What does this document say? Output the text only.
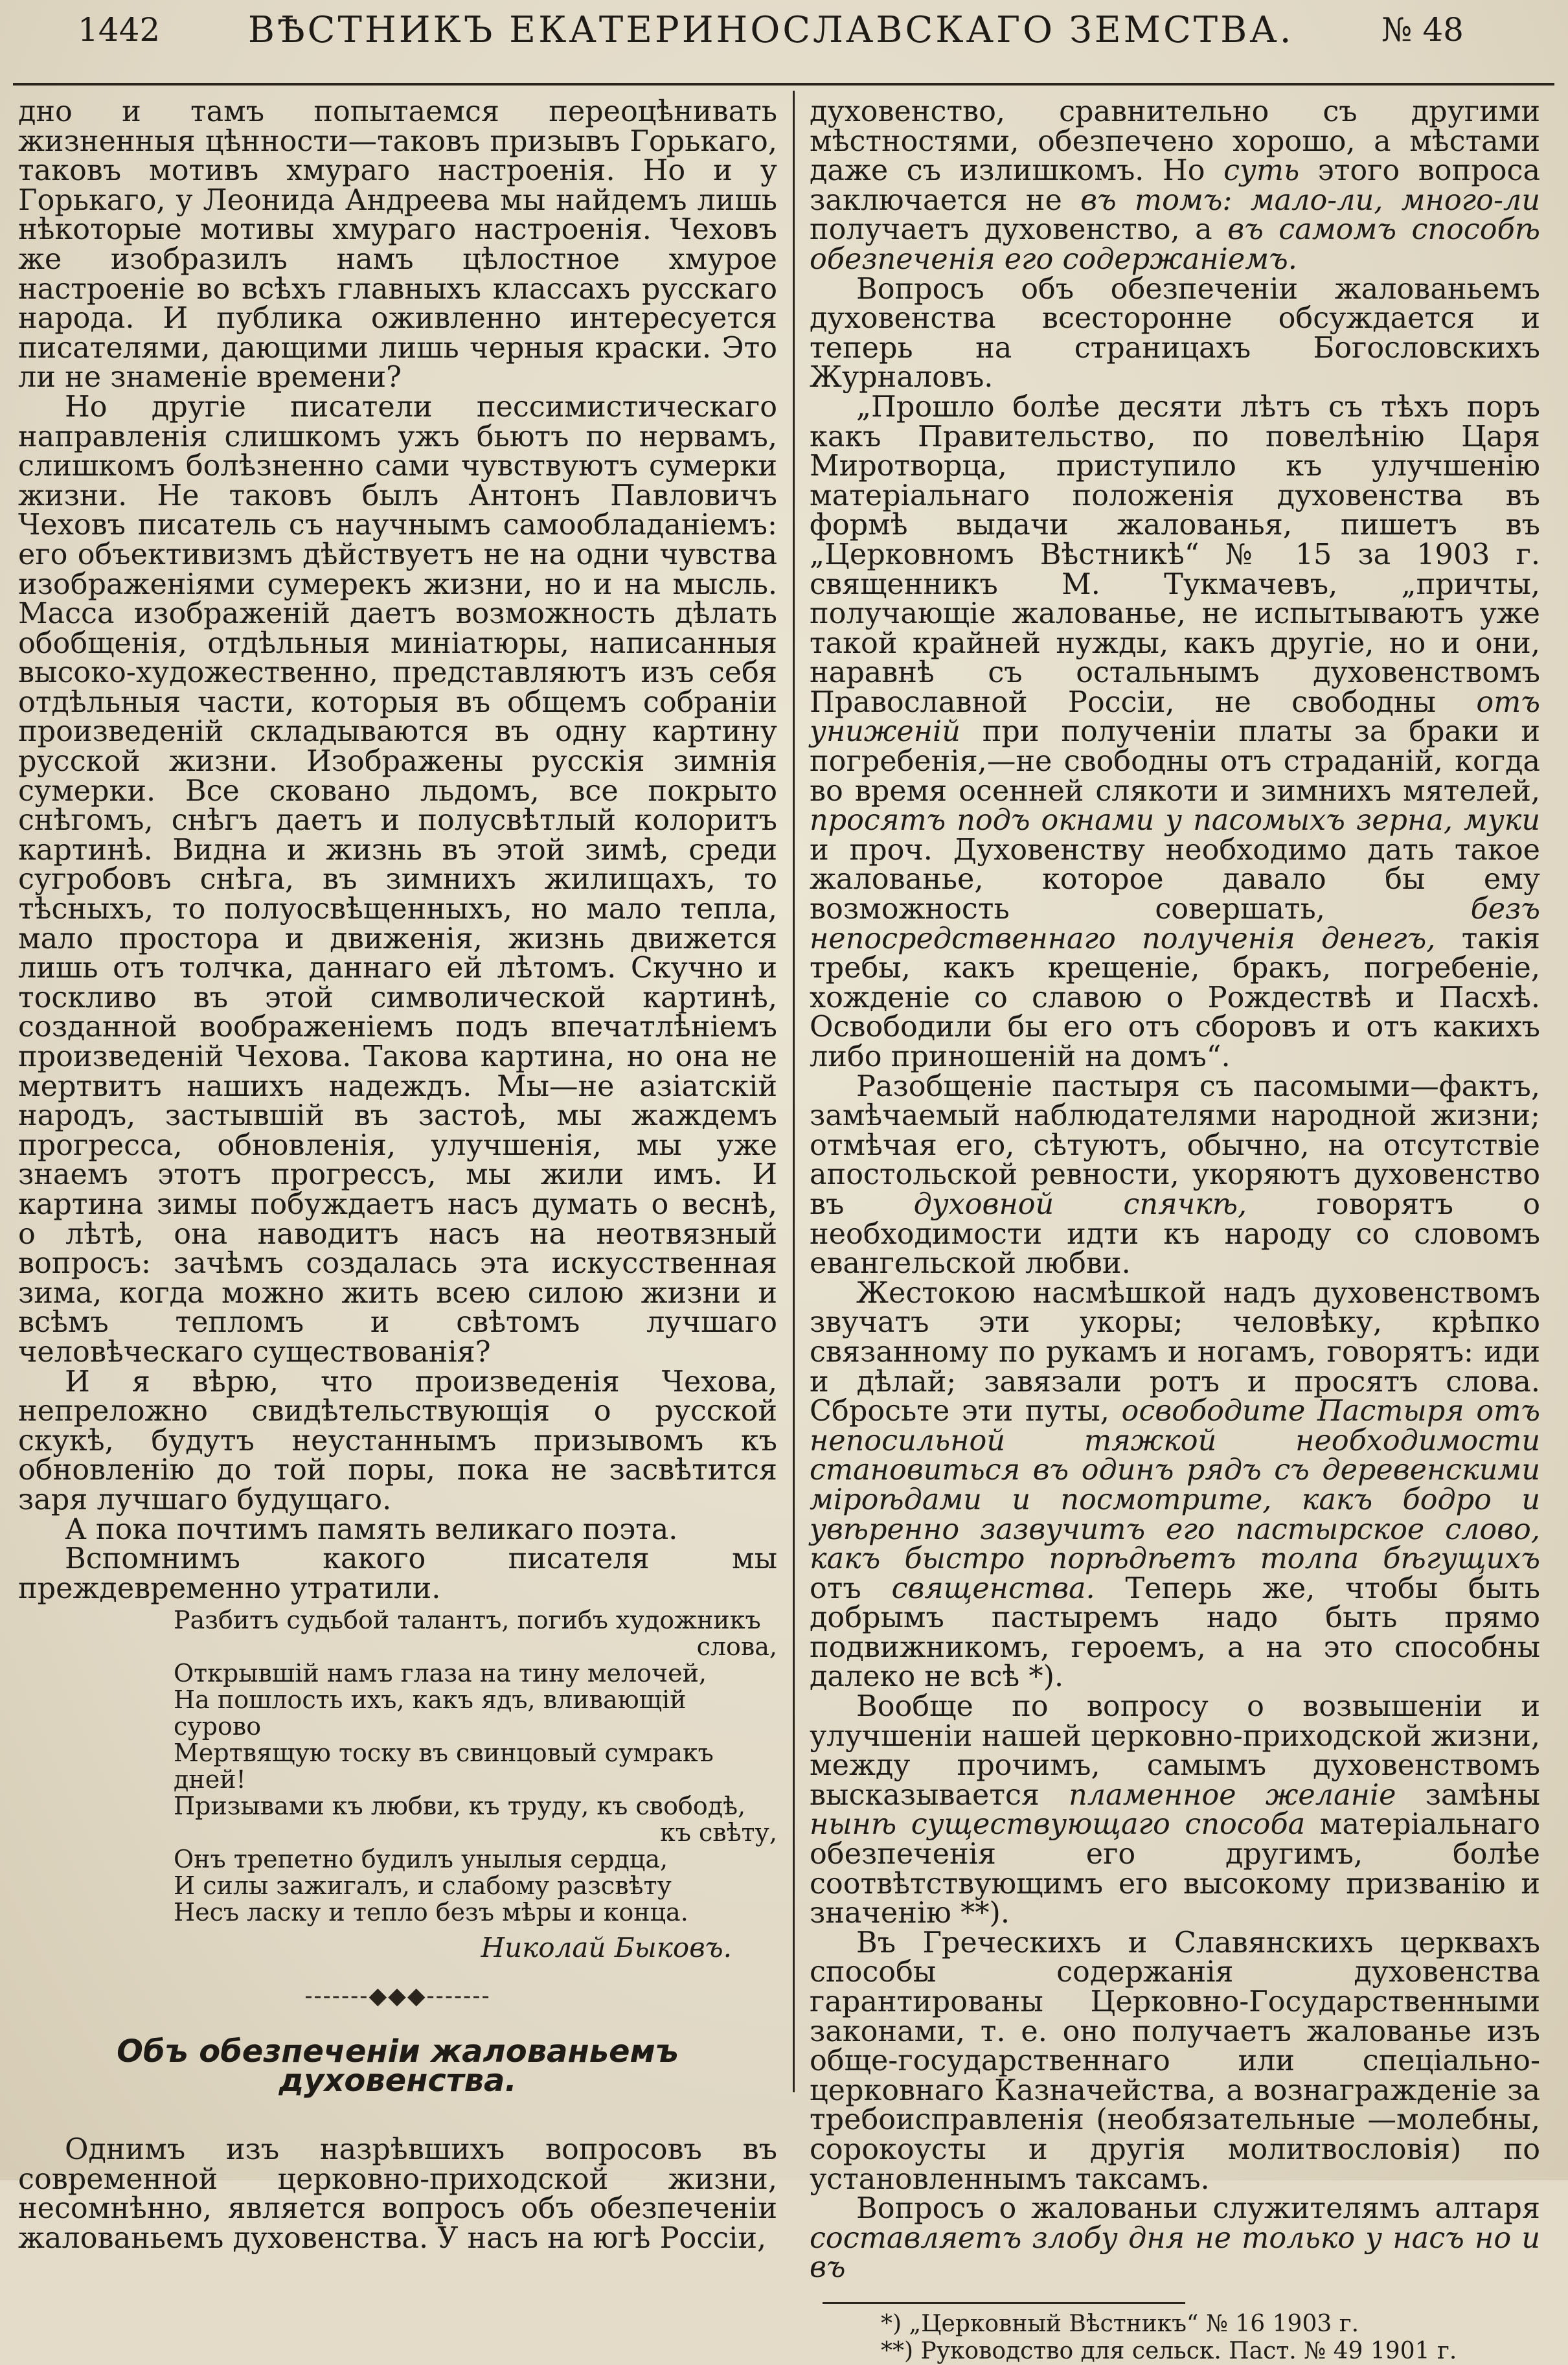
1442 ВѢСТНИКЪ ЕКАТЕРИНОСЛАВСКАГО ЗЕМСТВА.	№ 48

дно и тамъ попытаемся переоцѣнивать жизненныя цѣнности—таковъ призывъ Горькаго, таковъ мотивъ хмураго настроенія. Но и у Горькаго, у Леонида Андреева мы найдемъ лишь нѣкоторые мотивы хмураго настроенія. Чеховъ же изобразилъ намъ цѣлостное хмурое настроеніе во всѣхъ главныхъ классахъ русскаго народа. И публика оживленно интересуется писателями, дающими лишь черныя краски. Это ли не знаменіе времени?

Но другіе писатели пессимистическаго направленія слишкомъ ужъ бьютъ по нервамъ, слишкомъ болѣзненно сами чувствуютъ сумерки жизни. Не таковъ былъ Антонъ Павловичъ Чеховъ писатель съ научнымъ самообладаніемъ: его объективизмъ дѣйствуетъ не на одни чувства изображеніями сумерекъ жизни, но и на мысль. Масса изображеній даетъ возможность дѣлать обобщенія, отдѣльныя миніатюры, написанныя высоко-художественно, представляютъ изъ себя отдѣльныя части, которыя въ общемъ собраніи произведеній складываются въ одну картину русской жизни. Изображены русскія зимнія сумерки. Все сковано льдомъ, все покрыто снѣгомъ, снѣгъ даетъ и полусвѣтлый колоритъ картинѣ. Видна и жизнь въ этой зимѣ, среди сугробовъ снѣга, въ зимнихъ жилищахъ, то тѣсныхъ, то полуосвѣщенныхъ, но мало тепла, мало простора и движенія, жизнь движется лишь отъ толчка, даннаго ей лѣтомъ. Скучно и тоскливо въ этой символической картинѣ, созданной воображеніемъ подъ впечатлѣніемъ произведеній Чехова. Такова картина, но она не мертвитъ нашихъ надеждъ. Мы—не азіатскій народъ, застывшій въ застоѣ, мы жаждемъ прогресса, обновленія, улучшенія, мы уже знаемъ этотъ прогрессъ, мы жили имъ. И картина зимы побуждаетъ насъ думать о веснѣ, о лѣтѣ, она наводитъ насъ на неотвязный вопросъ: зачѣмъ создалась эта искусственная зима, когда можно жить всею силою жизни и всѣмъ тепломъ и свѣтомъ лучшаго человѣческаго существованія?

И я вѣрю, что произведенія Чехова, непреложно свидѣтельствующія о русской скукѣ, будутъ неустаннымъ призывомъ къ обновленію до той поры, пока не засвѣтится заря лучшаго будущаго.

А пока почтимъ память великаго поэта.

Вспомнимъ какого писателя мы преждевременно утратили.

Разбитъ судьбой талантъ, погибъ художникъ
слова,
Открывшій намъ глаза на тину мелочей,
На пошлость ихъ, какъ ядъ, вливающій сурово
Мертвящую тоску въ свинцовый сумракъ дней!
Призывами къ любви, къ труду, къ свободѣ,
къ свѣту,
Онъ трепетно будилъ унылыя сердца,
И силы зажигалъ, и слабому разсвѣту
Несъ ласку и тепло безъ мѣры и конца.
Николай Быковъ.
-------◆◆◆-------
Объ обезпеченіи жалованьемъ духовенства.

Однимъ изъ назрѣвшихъ вопросовъ въ современной церковно-приходской жизни, несомнѣнно, является вопросъ объ обезпеченіи жалованьемъ духовенства. У насъ на югѣ Россіи,

духовенство, сравнительно съ другими мѣстностями, обезпечено хорошо, а мѣстами даже съ излишкомъ. Но суть этого вопроса заключается не въ томъ: мало-ли, много-ли получаетъ духовенство, а въ самомъ способѣ обезпеченія его содержаніемъ.

Вопросъ объ обезпеченіи жалованьемъ духовенства всесторонне обсуждается и теперь на страницахъ Богословскихъ Журналовъ.

„Прошло болѣе десяти лѣтъ съ тѣхъ поръ какъ Правительство, по повелѣнію Царя Миротворца, приступило къ улучшенію матеріальнаго положенія духовенства въ формѣ выдачи жалованья, пишетъ въ „Церковномъ Вѣстникѣ“ № 15 за 1903 г. священникъ М. Тукмачевъ, „причты, получающіе жалованье, не испытываютъ уже такой крайней нужды, какъ другіе, но и они, наравнѣ съ остальнымъ духовенствомъ Православной Россіи, не свободны отъ униженій при полученіи платы за браки и погребенія,—не свободны отъ страданій, когда во время осенней слякоти и зимнихъ мятелей, просятъ подъ окнами у пасомыхъ зерна, муки и проч. Духовенству необходимо дать такое жалованье, которое давало бы ему возможность совершать, безъ непосредственнаго полученія денегъ, такія требы, какъ крещеніе, бракъ, погребеніе, хожденіе со славою о Рождествѣ и Пасхѣ. Освободили бы его отъ сборовъ и отъ какихъ либо приношеній на домъ“.

Разобщеніе пастыря съ пасомыми—фактъ, замѣчаемый наблюдателями народной жизни; отмѣчая его, сѣтуютъ, обычно, на отсутствіе апостольской ревности, укоряютъ духовенство въ духовной спячкѣ, говорятъ о необходимости идти къ народу со словомъ евангельской любви.

Жестокою насмѣшкой надъ духовенствомъ звучатъ эти укоры; человѣку, крѣпко связанному по рукамъ и ногамъ, говорятъ: иди и дѣлай; завязали ротъ и просятъ слова. Сбросьте эти путы, освободите Пастыря отъ непосильной тяжкой необходимости становиться въ одинъ рядъ съ деревенскими міроѣдами и посмотрите, какъ бодро и увѣренно зазвучитъ его пастырское слово, какъ быстро порѣдѣетъ толпа бѣгущихъ отъ священства. Теперь же, чтобы быть добрымъ пастыремъ надо быть прямо подвижникомъ, героемъ, а на это способны далеко не всѣ *).

Вообще по вопросу о возвышеніи и улучшеніи нашей церковно-приходской жизни, между прочимъ, самымъ духовенствомъ высказывается пламенное желаніе замѣны нынѣ существующаго способа матеріальнаго обезпеченія его другимъ, болѣе соотвѣтствующимъ его высокому призванію и значенію **).

Въ Греческихъ и Славянскихъ церквахъ способы содержанія духовенства гарантированы Церковно-Государственными законами, т. е. оно получаетъ жалованье изъ обще-государственнаго или спеціально-церковнаго Казначейства, а вознагражденіе за требоисправленія (необязательные —молебны, сорокоусты и другія молитвословія) по установленнымъ таксамъ.

Вопросъ о жалованьи служителямъ алтаря составляетъ злобу дня не только у насъ но и въ

*) „Церковный Вѣстникъ“ № 16 1903 г.
**) Руководство для сельск. Паст. № 49 1901 г.
